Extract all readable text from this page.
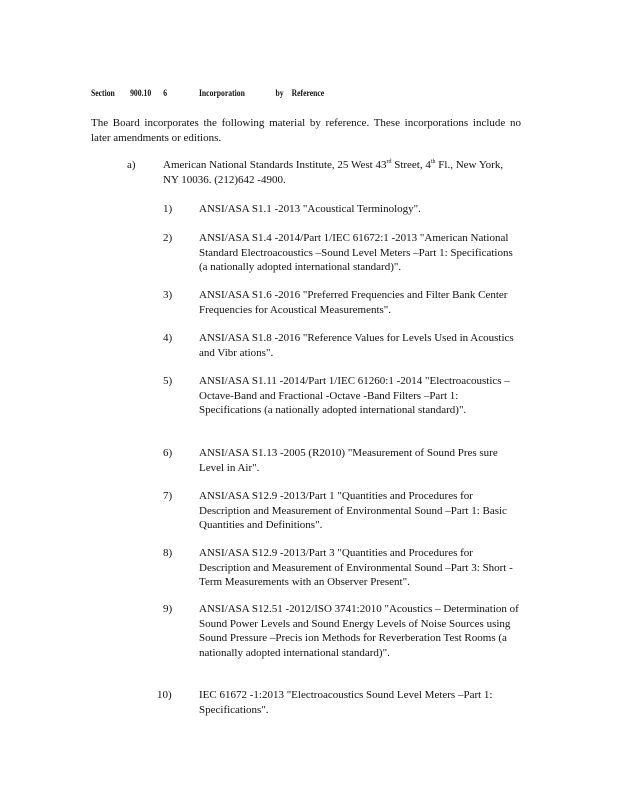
Section 900.10 6	Incorporation	by Reference
The Board incorporates the following material by reference. These incorporations include no later amendments or editions.
a) American National Standards Institute, 25 West 43rd Street, 4th Fl., New York, NY 10036. (212)642 -4900.
1) ANSI/ASA S1.1 -2013 "Acoustical Terminology".
2) ANSI/ASA S1.4 -2014/Part 1/IEC 61672:1 -2013 "American National Standard Electroacoustics –Sound Level Meters –Part 1: Specifications (a nationally adopted international standard)".
3) ANSI/ASA S1.6 -2016 "Preferred Frequencies and Filter Bank Center Frequencies for Acoustical Measurements".
4) ANSI/ASA S1.8 -2016 "Reference Values for Levels Used in Acoustics and Vibr ations".
5) ANSI/ASA S1.11 -2014/Part 1/IEC 61260:1 -2014 "Electroacoustics – Octave-Band and Fractional -Octave -Band Filters –Part 1: Specifications (a nationally adopted international standard)".
6) ANSI/ASA S1.13 -2005 (R2010) "Measurement of Sound Pres sure Level in Air".
7) ANSI/ASA S12.9 -2013/Part 1 "Quantities and Procedures for Description and Measurement of Environmental Sound –Part 1: Basic Quantities and Definitions".
8) ANSI/ASA S12.9 -2013/Part 3 "Quantities and Procedures for Description and Measurement of Environmental Sound –Part 3: Short -Term Measurements with an Observer Present".
9) ANSI/ASA S12.51 -2012/ISO 3741:2010 "Acoustics – Determination of Sound Power Levels and Sound Energy Levels of Noise Sources using Sound Pressure –Precis ion Methods for Reverberation Test Rooms (a nationally adopted international standard)".
10) IEC 61672 -1:2013 "Electroacoustics Sound Level Meters –Part 1: Specifications".
